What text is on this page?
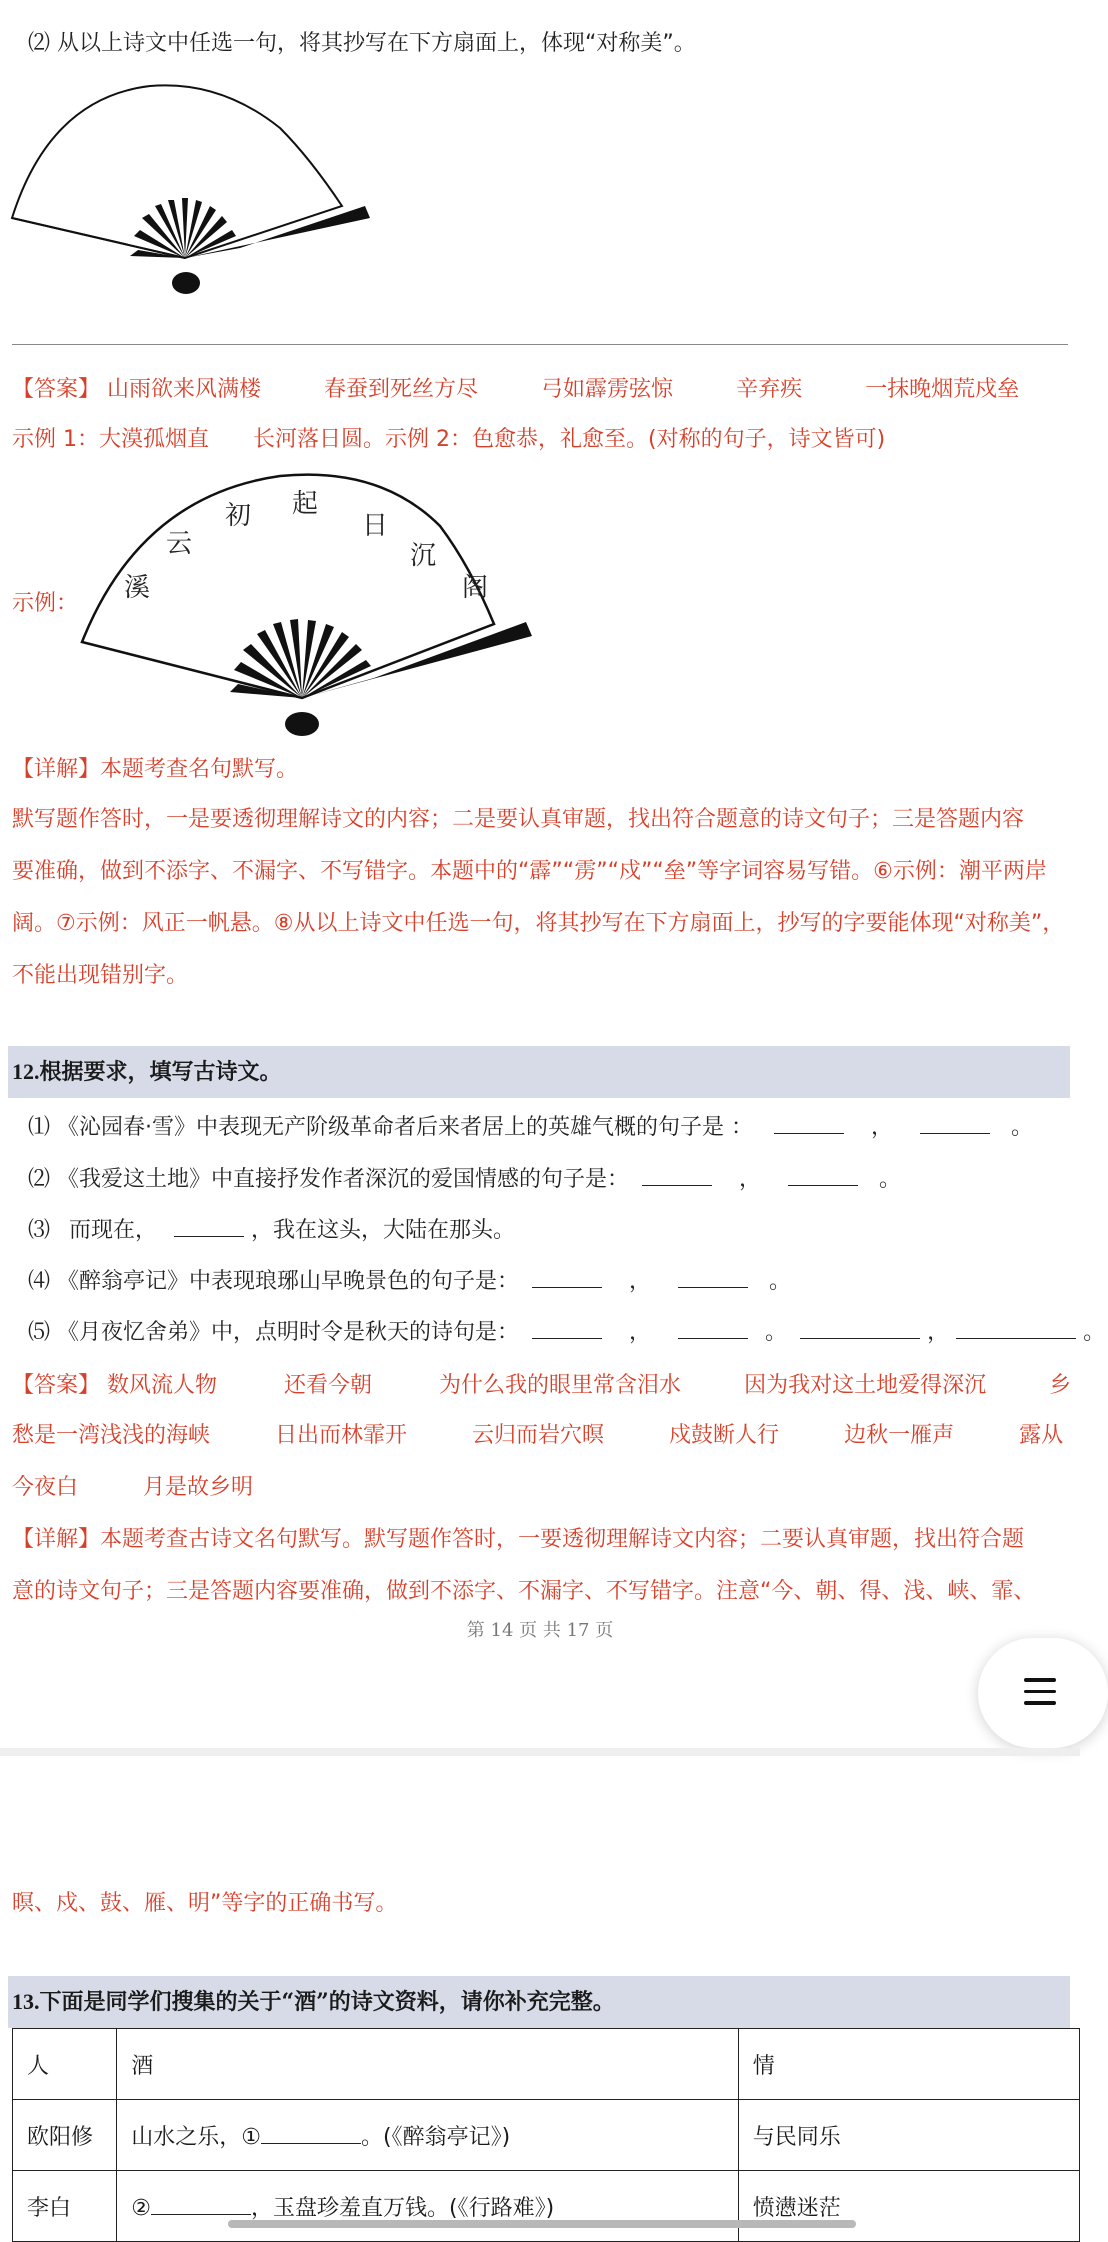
⑵ 从以上诗文中任选一句，将其抄写在下方扇面上，体现“对称美”。
【答案】 山雨欲来风满楼	春蚕到死丝方尽	弓如霹雳弦惊	辛弃疾	一抹晚烟荒戍垒
示例 1：大漠孤烟直　　长河落日圆。示例 2：色愈恭，礼愈至。(对称的句子，诗文皆可)
示例：
溪
云
初 起
日
沉
阁
【详解】本题考查名句默写。
默写题作答时，一是要透彻理解诗文的内容；二是要认真审题，找出符合题意的诗文句子；三是答题内容
要准确，做到不添字、不漏字、不写错字。本题中的“霹”“雳”“戍”“垒”等字词容易写错。⑥示例：潮平两岸
阔。⑦示例：风正一帆悬。⑧从以上诗文中任选一句，将其抄写在下方扇面上，抄写的字要能体现“对称美”，
不能出现错别字。
12.根据要求，填写古诗文。
⑴ 《沁园春·雪》中表现无产阶级革命者后来者居上的英雄气概的句子是 ：	，	。
⑵ 《我爱这土地》中直接抒发作者深沉的爱国情感的句子是：	，	。
⑶ 而现在，	，我在这头，大陆在那头。
⑷ 《醉翁亭记》中表现琅琊山早晚景色的句子是：	，	。
⑸ 《月夜忆舍弟》中，点明时令是秋天的诗句是：	，	。	，	。
【答案】 数风流人物	还看今朝	为什么我的眼里常含泪水	因为我对这土地爱得深沉	乡
愁是一湾浅浅的海峡	日出而林霏开	云归而岩穴暝	戍鼓断人行	边秋一雁声	露从
今夜白	月是故乡明
【详解】本题考查古诗文名句默写。默写题作答时，一要透彻理解诗文内容；二要认真审题，找出符合题
意的诗文句子；三是答题内容要准确，做到不添字、不漏字、不写错字。注意“今、朝、得、浅、峡、霏、
第 14 页 共 17 页
暝、戍、鼓、雁、明”等字的正确书写。
13.下面是同学们搜集的关于“酒”的诗文资料，请你补充完整。
人	酒	情
欧阳修	山水之乐，① 。(《醉翁亭记》)	与民同乐
李白	② ，玉盘珍羞直万钱。(《行路难》)	愤懑迷茫
